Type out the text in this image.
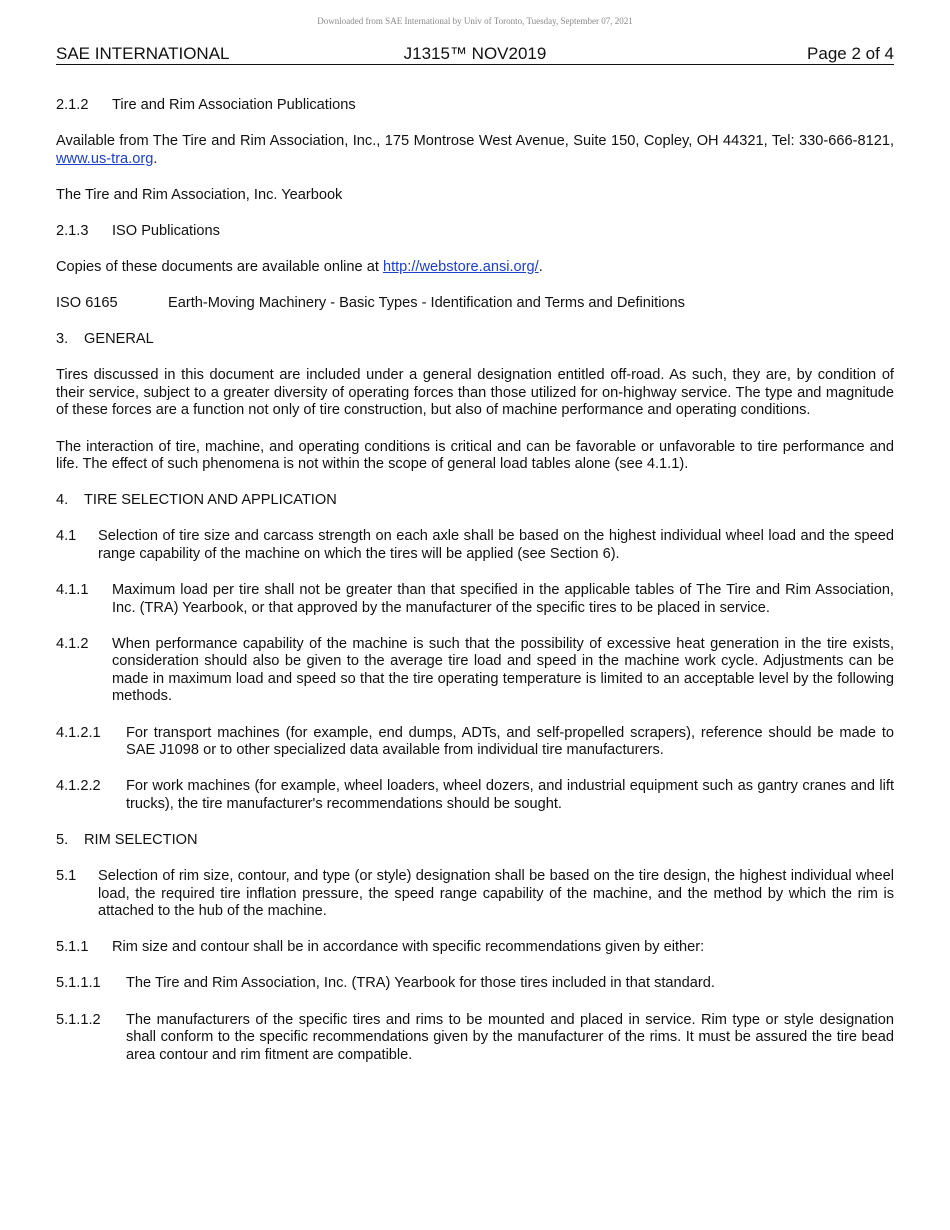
Downloaded from SAE International by Univ of Toronto, Tuesday, September 07, 2021
J1315™ NOV2019
SAE INTERNATIONAL	Page 2 of 4
2.1.2	Tire and Rim Association Publications

Available from The Tire and Rim Association, Inc., 175 Montrose West Avenue, Suite 150, Copley, OH 44321, Tel: 330-666-8121, www.us-tra.org.

The Tire and Rim Association, Inc. Yearbook

2.1.3	ISO Publications

Copies of these documents are available online at http://webstore.ansi.org/.

ISO 6165	Earth-Moving Machinery - Basic Types - Identification and Terms and Definitions
3.	GENERAL

Tires discussed in this document are included under a general designation entitled off-road. As such, they are, by condition of their service, subject to a greater diversity of operating forces than those utilized for on-highway service. The type and magnitude of these forces are a function not only of tire construction, but also of machine performance and operating conditions.

The interaction of tire, machine, and operating conditions is critical and can be favorable or unfavorable to tire performance and life. The effect of such phenomena is not within the scope of general load tables alone (see 4.1.1).

4.	TIRE SELECTION AND APPLICATION
4.1	Selection of tire size and carcass strength on each axle shall be based on the highest individual wheel load and the speed range capability of the machine on which the tires will be applied (see Section 6).
4.1.1	Maximum load per tire shall not be greater than that specified in the applicable tables of The Tire and Rim Association, Inc. (TRA) Yearbook, or that approved by the manufacturer of the specific tires to be placed in service.
4.1.2	When performance capability of the machine is such that the possibility of excessive heat generation in the tire exists, consideration should also be given to the average tire load and speed in the machine work cycle. Adjustments can be made in maximum load and speed so that the tire operating temperature is limited to an acceptable level by the following methods.
4.1.2.1	For transport machines (for example, end dumps, ADTs, and self-propelled scrapers), reference should be made to SAE J1098 or to other specialized data available from individual tire manufacturers.
4.1.2.2	For work machines (for example, wheel loaders, wheel dozers, and industrial equipment such as gantry cranes and lift trucks), the tire manufacturer's recommendations should be sought.
5.	RIM SELECTION
5.1	Selection of rim size, contour, and type (or style) designation shall be based on the tire design, the highest individual wheel load, the required tire inflation pressure, the speed range capability of the machine, and the method by which the rim is attached to the hub of the machine.
5.1.1	Rim size and contour shall be in accordance with specific recommendations given by either:
5.1.1.1	The Tire and Rim Association, Inc. (TRA) Yearbook for those tires included in that standard.
5.1.1.2	The manufacturers of the specific tires and rims to be mounted and placed in service. Rim type or style designation shall conform to the specific recommendations given by the manufacturer of the rims. It must be assured the tire bead area contour and rim fitment are compatible.
